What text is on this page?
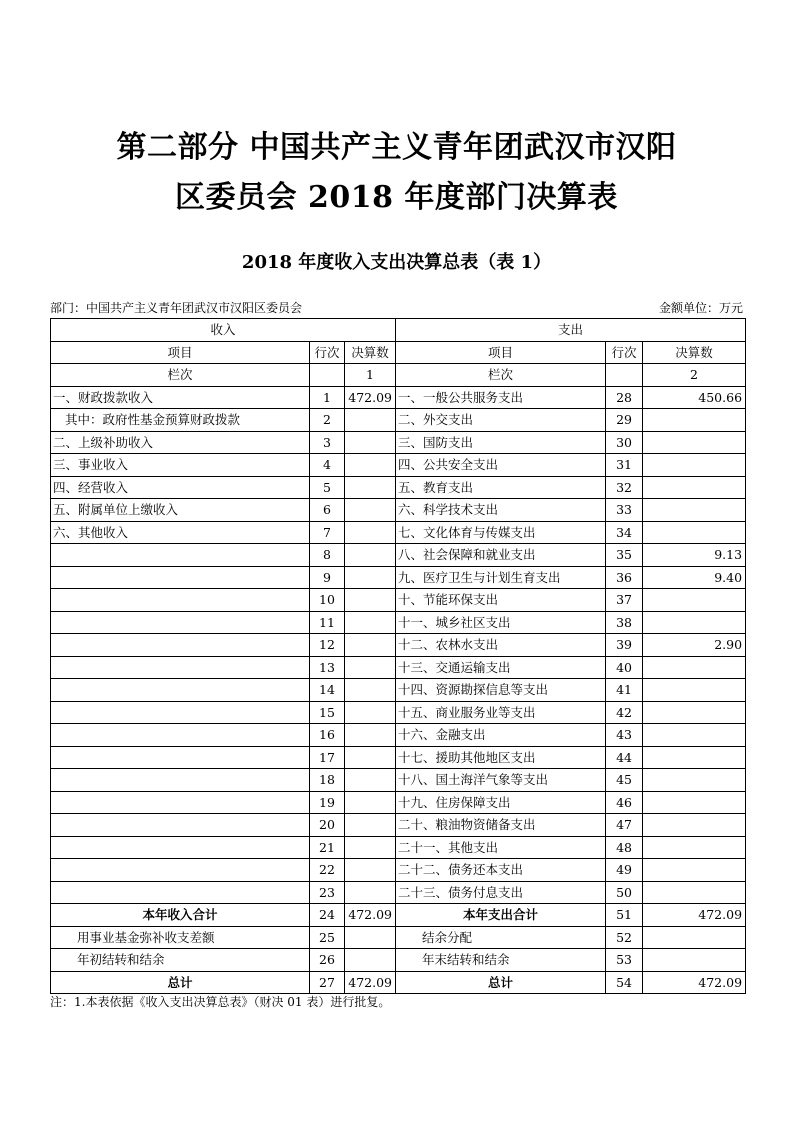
第二部分 中国共产主义青年团武汉市汉阳
区委员会 2018 年度部门决算表
2018 年度收入支出决算总表（表 1）
部门：中国共产主义青年团武汉市汉阳区委员会	金额单位：万元
收入			支出		
项目	行次	决算数	项目	行次	决算数
栏次		1	栏次		2
一、财政拨款收入	1	472.09	一、一般公共服务支出	28	450.66
其中：政府性基金预算财政拨款	2		二、外交支出	29	
二、上级补助收入	3		三、国防支出	30	
三、事业收入	4		四、公共安全支出	31	
四、经营收入	5		五、教育支出	32	
五、附属单位上缴收入	6		六、科学技术支出	33	
六、其他收入	7		七、文化体育与传媒支出	34	
	8		八、社会保障和就业支出	35	9.13
	9		九、医疗卫生与计划生育支出	36	9.40
	10		十、节能环保支出	37	
	11		十一、城乡社区支出	38	
	12		十二、农林水支出	39	2.90
	13		十三、交通运输支出	40	
	14		十四、资源勘探信息等支出	41	
	15		十五、商业服务业等支出	42	
	16		十六、金融支出	43	
	17		十七、援助其他地区支出	44	
	18		十八、国土海洋气象等支出	45	
	19		十九、住房保障支出	46	
	20		二十、粮油物资储备支出	47	
	21		二十一、其他支出	48	
	22		二十二、债务还本支出	49	
	23		二十三、债务付息支出	50	
本年收入合计	24	472.09	本年支出合计	51	472.09
用事业基金弥补收支差额	25		结余分配	52	
年初结转和结余	26		年末结转和结余	53	
总计	27	472.09	总计	54	472.09
注：1.本表依据《收入支出决算总表》（财决 01 表）进行批复。
